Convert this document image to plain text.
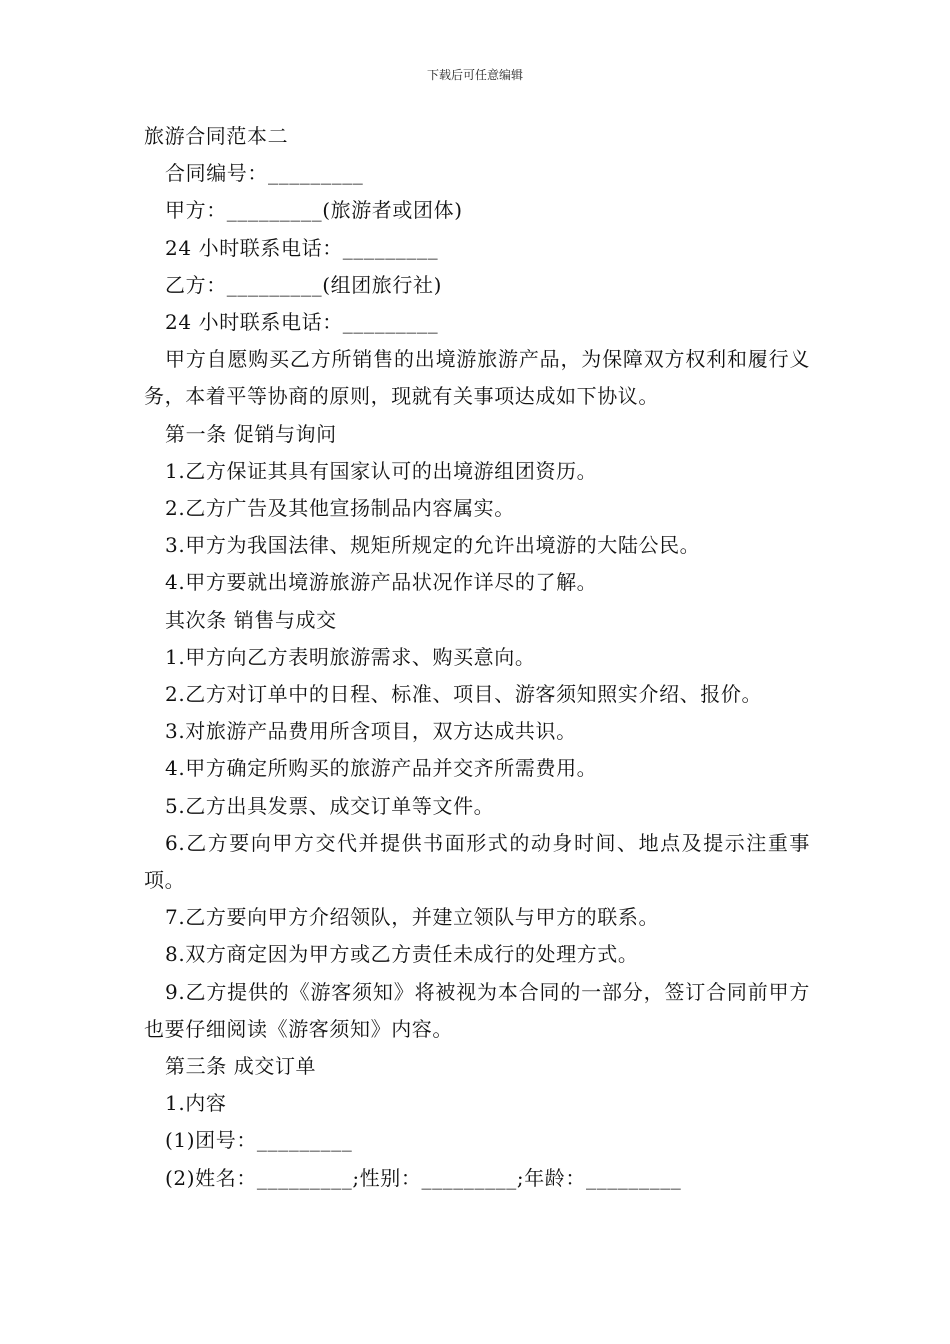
下载后可任意编辑

旅游合同范本二

合同编号：_________

甲方：_________(旅游者或团体)

24 小时联系电话：_________

乙方：_________(组团旅行社)

24 小时联系电话：_________

甲方自愿购买乙方所销售的出境游旅游产品，为保障双方权利和履行义务，本着平等协商的原则，现就有关事项达成如下协议。

第一条 促销与询问

1.乙方保证其具有国家认可的出境游组团资历。

2.乙方广告及其他宣扬制品内容属实。

3.甲方为我国法律、规矩所规定的允许出境游的大陆公民。

4.甲方要就出境游旅游产品状况作详尽的了解。

其次条 销售与成交

1.甲方向乙方表明旅游需求、购买意向。

2.乙方对订单中的日程、标准、项目、游客须知照实介绍、报价。

3.对旅游产品费用所含项目，双方达成共识。

4.甲方确定所购买的旅游产品并交齐所需费用。

5.乙方出具发票、成交订单等文件。

6.乙方要向甲方交代并提供书面形式的动身时间、地点及提示注重事项。

7.乙方要向甲方介绍领队，并建立领队与甲方的联系。

8.双方商定因为甲方或乙方责任未成行的处理方式。

9.乙方提供的《游客须知》将被视为本合同的一部分，签订合同前甲方也要仔细阅读《游客须知》内容。

第三条 成交订单

1.内容

(1)团号：_________

(2)姓名：_________;性别：_________;年龄：_________
